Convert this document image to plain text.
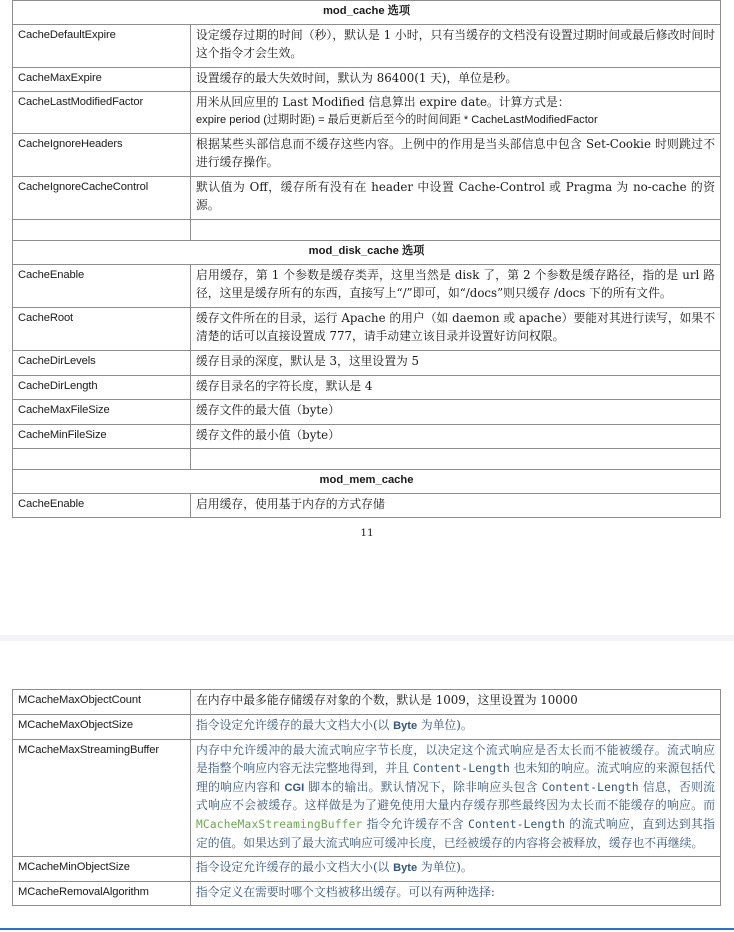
mod_cache 选项	
CacheDefaultExpire	设定缓存过期的时间（秒），默认是 1 小时，只有当缓存的文档没有设置过期时间或最后修改时间时这个指令才会生效。
CacheMaxExpire	设置缓存的最大失效时间，默认为 86400(1 天)，单位是秒。
CacheLastModifiedFactor	用米从回应里的 Last Modified 信息算出 expire date。计算方式是：
expire period (过期时距) = 最后更新后至今的时间间距 * CacheLastModifiedFactor

CacheIgnoreHeaders	根据某些头部信息而不缓存这些内容。上例中的作用是当头部信息中包含 Set-Cookie 时则跳过不进行缓存操作。
CacheIgnoreCacheControl	默认值为 Off，缓存所有没有在 header 中设置 Cache-Control 或 Pragma 为 no-cache 的资源。

mod_disk_cache 选项	
CacheEnable	启用缓存，第 1 个参数是缓存类弄，这里当然是 disk 了，第 2 个参数是缓存路径，指的是 url 路径，这里是缓存所有的东西，直接写上“/”即可，如“/docs”则只缓存 /docs 下的所有文件。
CacheRoot	缓存文件所在的目录，运行 Apache 的用户（如 daemon 或 apache）要能对其进行读写，如果不清楚的话可以直接设置成 777，请手动建立该目录并设置好访问权限。
CacheDirLevels	缓存目录的深度，默认是 3，这里设置为 5
CacheDirLength	缓存目录名的字符长度，默认是 4
CacheMaxFileSize	缓存文件的最大值（byte）
CacheMinFileSize	缓存文件的最小值（byte）

mod_mem_cache	
CacheEnable	启用缓存，使用基于内存的方式存储
11
MCacheMaxObjectCount	在内存中最多能存储缓存对象的个数，默认是 1009，这里设置为 10000
MCacheMaxObjectSize	指令设定允许缓存的最大文档大小(以 Byte 为单位)。
MCacheMaxStreamingBuffer	内存中允许缓冲的最大流式响应字节长度，以决定这个流式响应是否太长而不能被缓存。流式响应是指整个响应内容无法完整地得到，并且 Content-Length 也未知的响应。流式响应的来源包括代理的响应内容和 CGI 脚本的输出。默认情况下，除非响应头包含 Content-Length 信息，否则流式响应不会被缓存。这样做是为了避免使用大量内存缓存那些最终因为太长而不能缓存的响应。而 MCacheMaxStreamingBuffer 指令允许缓存不含 Content-Length 的流式响应，直到达到其指定的值。如果达到了最大流式响应可缓冲长度，已经被缓存的内容将会被释放，缓存也不再继续。
MCacheMinObjectSize	指令设定允许缓存的最小文档大小(以 Byte 为单位)。
MCacheRemovalAlgorithm	指令定义在需要时哪个文档被移出缓存。可以有两种选择:
